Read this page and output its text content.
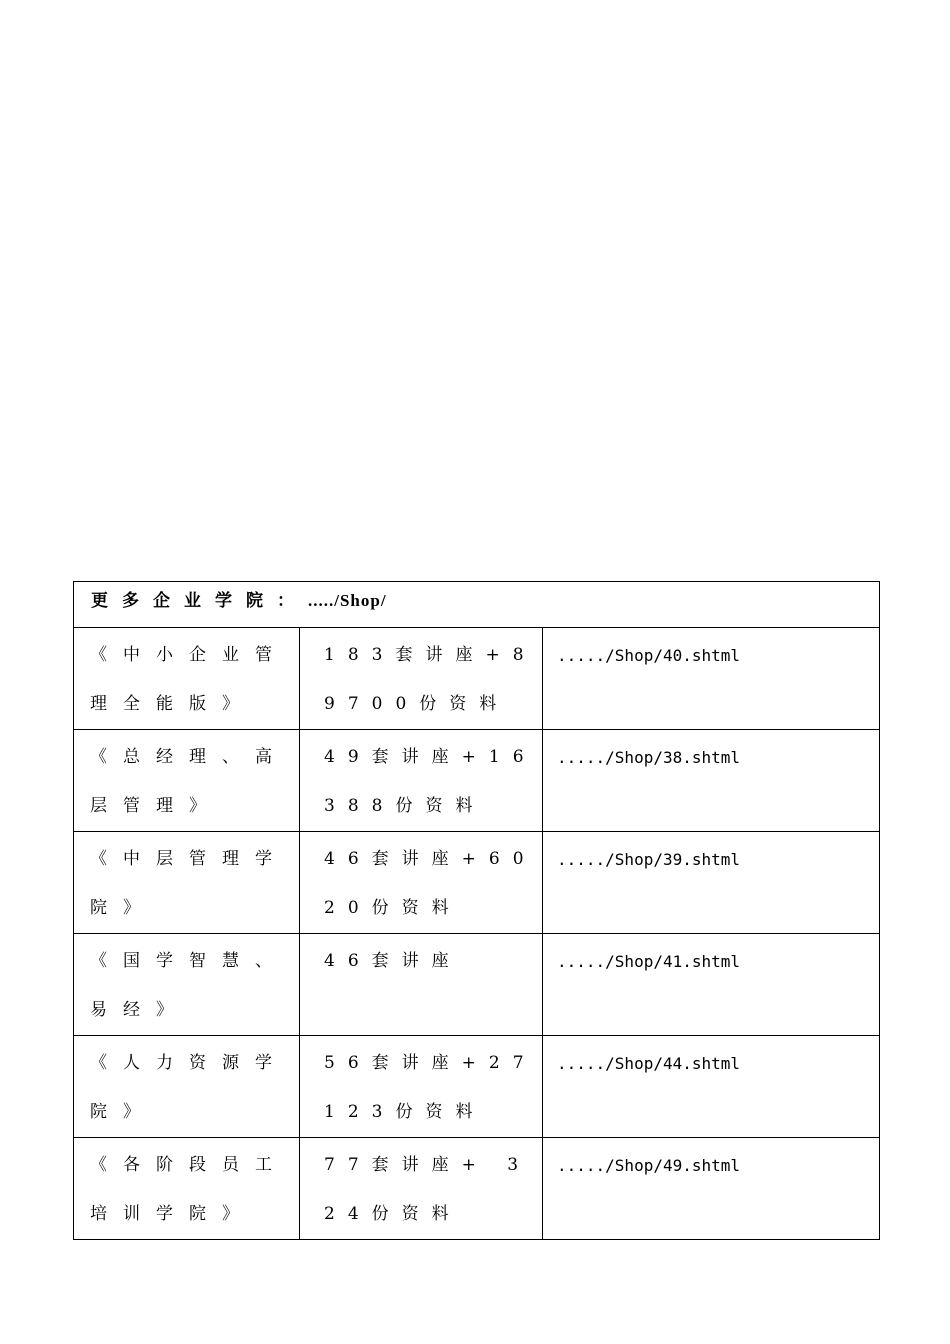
更多企业学院：...../Shop/		

《中小企业管理全能版》	183套讲座+89700份资料	...../Shop/40.shtml

《总经理、高层管理》	49套讲座+16388份资料	...../Shop/38.shtml

《中层管理学院》	46套讲座+6020份资料	...../Shop/39.shtml

《国学智慧、易经》	46套讲座	...../Shop/41.shtml

《人力资源学院》	56套讲座+27123份资料	...../Shop/44.shtml

《各阶段员工培训学院》	77套讲座+ 324份资料	...../Shop/49.shtml
